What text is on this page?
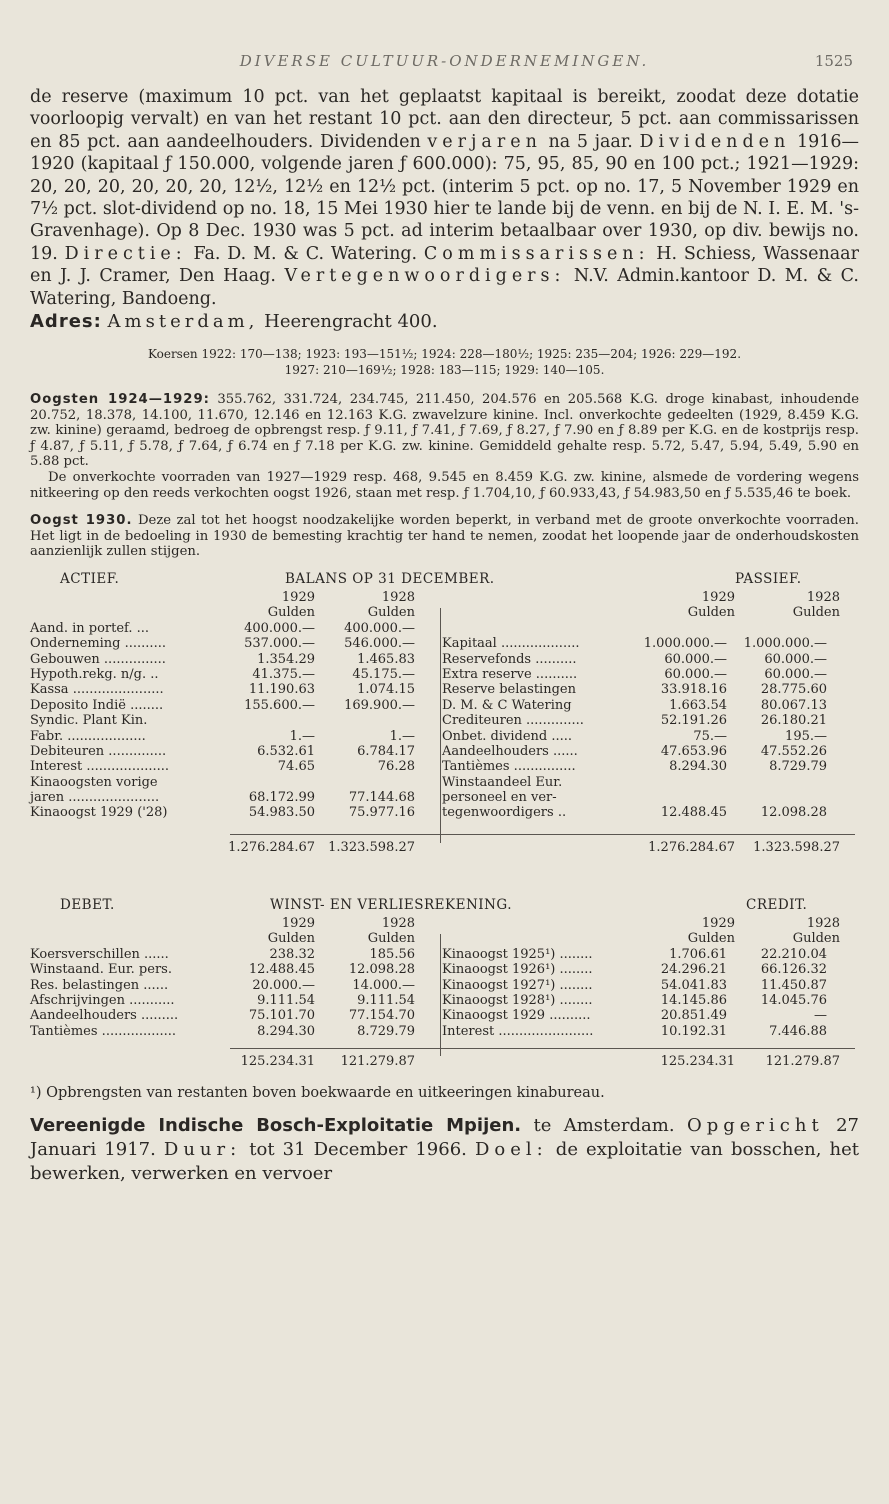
DIVERSE CULTUUR-ONDERNEMINGEN.	1525

de reserve (maximum 10 pct. van het geplaatst kapitaal is bereikt, zoodat deze dotatie voorloopig vervalt) en van het restant 10 pct. aan den directeur, 5 pct. aan commissarissen en 85 pct. aan aandeelhouders. Dividenden verjaren na 5 jaar. Dividenden 1916—1920 (kapitaal ƒ 150.000, volgende jaren ƒ 600.000): 75, 95, 85, 90 en 100 pct.; 1921—1929: 20, 20, 20, 20, 20, 20, 12½, 12½ en 12½ pct. (interim 5 pct. op no. 17, 5 November 1929 en 7½ pct. slot-dividend op no. 18, 15 Mei 1930 hier te lande bij de venn. en bij de N. I. E. M. 's-Gravenhage). Op 8 Dec. 1930 was 5 pct. ad interim betaalbaar over 1930, op div. bewijs no. 19. Directie: Fa. D. M. & C. Watering. Commissarissen: H. Schiess, Wassenaar en J. J. Cramer, Den Haag. Vertegenwoordigers: N.V. Admin.kantoor D. M. & C. Watering, Bandoeng.

Adres: Amsterdam, Heerengracht 400.

Koersen 1922: 170—138; 1923: 193—151½; 1924: 228—180½; 1925: 235—204; 1926: 229—192.
1927: 210—169½; 1928: 183—115; 1929: 140—105.

Oogsten 1924—1929: 355.762, 331.724, 234.745, 211.450, 204.576 en 205.568 K.G. droge kinabast, inhoudende 20.752, 18.378, 14.100, 11.670, 12.146 en 12.163 K.G. zwavelzure kinine. Incl. onverkochte gedeelten (1929, 8.459 K.G. zw. kinine) geraamd, bedroeg de opbrengst resp. ƒ 9.11, ƒ 7.41, ƒ 7.69, ƒ 8.27, ƒ 7.90 en ƒ 8.89 per K.G. en de kostprijs resp. ƒ 4.87, ƒ 5.11, ƒ 5.78, ƒ 7.64, ƒ 6.74 en ƒ 7.18 per K.G. zw. kinine. Gemiddeld gehalte resp. 5.72, 5.47, 5.94, 5.49, 5.90 en 5.88 pct.

De onverkochte voorraden van 1927—1929 resp. 468, 9.545 en 8.459 K.G. zw. kinine, alsmede de vordering wegens nitkeering op den reeds verkochten oogst 1926, staan met resp. ƒ 1.704,10, ƒ 60.933,43, ƒ 54.983,50 en ƒ 5.535,46 te boek.

Oogst 1930. Deze zal tot het hoogst noodzakelijke worden beperkt, in verband met de groote onverkochte voorraden. Het ligt in de bedoeling in 1930 de bemesting krachtig ter hand te nemen, zoodat het loopende jaar de onderhoudskosten aanzienlijk zullen stijgen.

ACTIEF.	BALANS OP 31 DECEMBER.	PASSIEF.
1929	1928	1929	1928
Gulden	Gulden	Gulden	Gulden
Aand. in portef. ...	400.000.—	400.000.—
Onderneming ..........	537.000.—	546.000.—
Gebouwen ...............	1.354.29	1.465.83
Hypoth.rekg. n/g. ..	41.375.—	45.175.—
Kassa ......................	11.190.63	1.074.15
Deposito Indië ........	155.600.—	169.900.—
Syndic. Plant Kin.
Fabr. ...................	1.—	1.—
Debiteuren ..............	6.532.61	6.784.17
Interest ....................	74.65	76.28
Kinaoogsten vorige
jaren ......................	68.172.99	77.144.68
Kinaoogst 1929 ('28)	54.983.50	75.977.16
Kapitaal ...................	1.000.000.—	1.000.000.—
Reservefonds ..........	60.000.—	60.000.—
Extra reserve ..........	60.000.—	60.000.—
Reserve belastingen	33.918.16	28.775.60
D. M. & C Watering	1.663.54	80.067.13
Crediteuren ..............	52.191.26	26.180.21
Onbet. dividend .....	75.—	195.—
Aandeelhouders ......	47.653.96	47.552.26
Tantièmes ...............	8.294.30	8.729.79
Winstaandeel Eur.
personeel en ver-
tegenwoordigers ..	12.488.45	12.098.28
1.276.284.67 1.323.598.27	1.276.284.67 1.323.598.27
DEBET.	WINST- EN VERLIESREKENING.	CREDIT.
1929	1928	1929	1928
Gulden	Gulden	Gulden	Gulden
Koersverschillen ......	238.32	185.56
Winstaand. Eur. pers.	12.488.45	12.098.28
Res. belastingen ......	20.000.—	14.000.—
Afschrijvingen ...........	9.111.54	9.111.54
Aandeelhouders .........	75.101.70	77.154.70
Tantièmes ..................	8.294.30	8.729.79
Kinaoogst 1925¹) ........	1.706.61	22.210.04
Kinaoogst 1926¹) ........	24.296.21	66.126.32
Kinaoogst 1927¹) ........	54.041.83	11.450.87
Kinaoogst 1928¹) ........	14.145.86	14.045.76
Kinaoogst 1929 ..........	20.851.49	—
Interest .......................	10.192.31	7.446.88
125.234.31	121.279.87	125.234.31	121.279.87
¹) Opbrengsten van restanten boven boekwaarde en uitkeeringen kinabureau.

Vereenigde Indische Bosch-Exploitatie Mpijen. te Amsterdam. Opgericht 27 Januari 1917. Duur: tot 31 December 1966. Doel: de exploitatie van bosschen, het bewerken, verwerken en vervoer
